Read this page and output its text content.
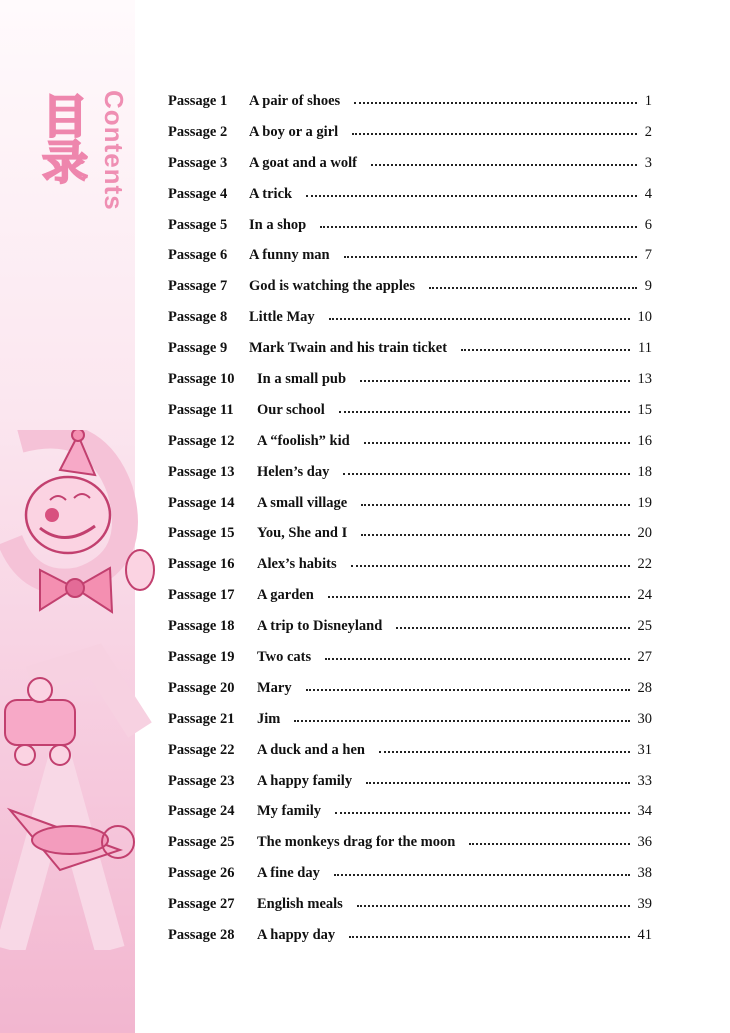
目录 Contents	Passage 1 A pair of shoes	1
Passage 2 A boy or a girl	2
Passage 3 A goat and a wolf	3
Passage 4 A trick	4
Passage 5 In a shop	6
Passage 6 A funny man	7
Passage 7 God is watching the apples	9
Passage 8 Little May	10
Passage 9 Mark Twain and his train ticket	11
Passage 10 In a small pub	13
Passage 11 Our school	15
Passage 12 A “foolish” kid	16
Passage 13 Helen’s day	18
Passage 14 A small village	19
Passage 15 You, She and I	20
Passage 16 Alex’s habits	22
Passage 17 A garden	24
Passage 18 A trip to Disneyland	25
Passage 19 Two cats	27
Passage 20 Mary	28
Passage 21 Jim	30
Passage 22 A duck and a hen	31
Passage 23 A happy family	33
Passage 24 My family	34
Passage 25 The monkeys drag for the moon	36
Passage 26 A fine day	38
Passage 27 English meals	39
Passage 28 A happy day	41
